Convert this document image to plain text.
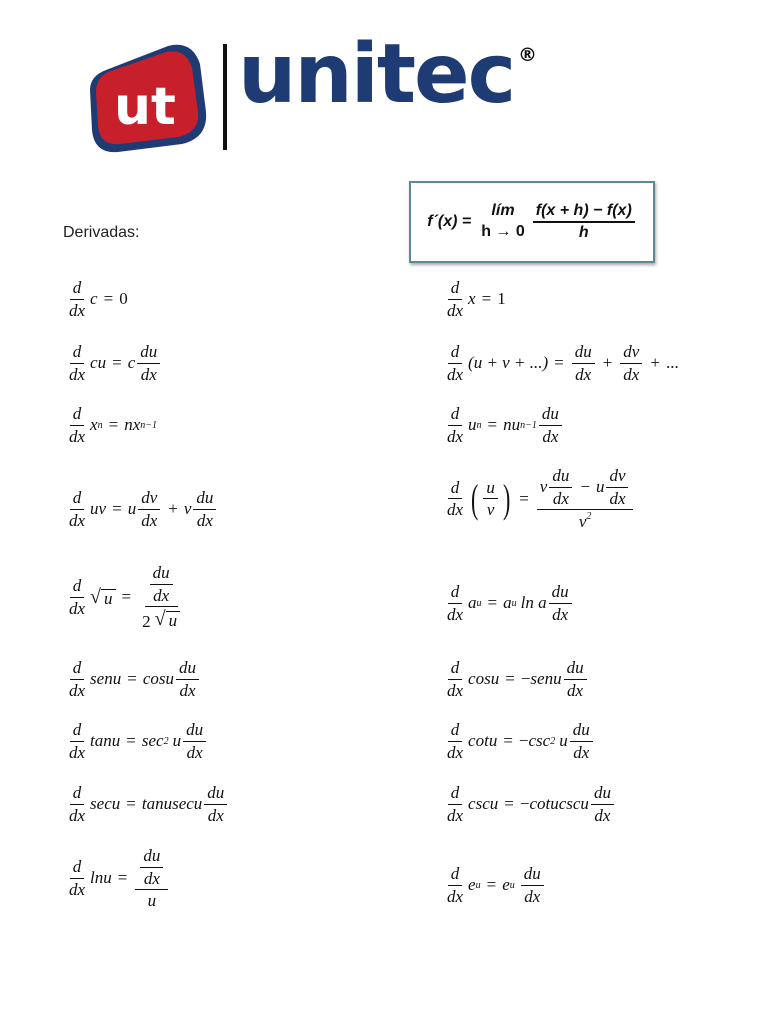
ut unitec ®
Derivadas:
f´(x) =
lím
$h \to 0 \frac{f(x + h) - f(x)}{h}$
$\frac{d}{dx}$ c = 0	$\frac{d}{dx}$ x = 1
$\frac{d}{dx}$ cu = c $\frac{du}{dx}$	$\frac{d}{dx} (u + v$ + ...) = $\frac{du}{dx} + \frac{dv}{dx}$ + ...
$\frac{d}{dx}$ x n = nx n−1	$\frac{d}{dx}$ u n = nu $n-1 \frac{du}{dx}$
$\frac{d}{dx}$ uv = u $\frac{dv}{dx} + v \frac{du}{dx}$	$\frac{d}{dx}$ ( $\frac{u}{v}$ ) = $\frac{v \frac{du}{dx} - u \frac{dv}{dx}}{v^2}$
$\frac{d}{dx}$ √ $u = \frac{\frac{du}{dx}}{2 √ u}$	$\frac{d}{dx}$ a u = a u ln a $\frac{du}{dx}$
$\frac{d}{dx}$ senu = cosu $\frac{du}{dx}$	$\frac{d}{dx}$ cosu = − senu $\frac{du}{dx}$
$\frac{d}{dx}$ tanu = sec 2 u $\frac{du}{dx}$	$\frac{d}{dx}$ cotu = − csc 2 u $\frac{du}{dx}$
$\frac{d}{dx}$ secu = tanusecu $\frac{du}{dx}$	$\frac{d}{dx}$ cscu = − cotucscu $\frac{du}{dx}$
$\frac{d}{dx}$ $\ln u = \frac{\frac{du}{dx}}{u}$	$\frac{d}{dx}$ e u = e u $\frac{du}{dx}$
